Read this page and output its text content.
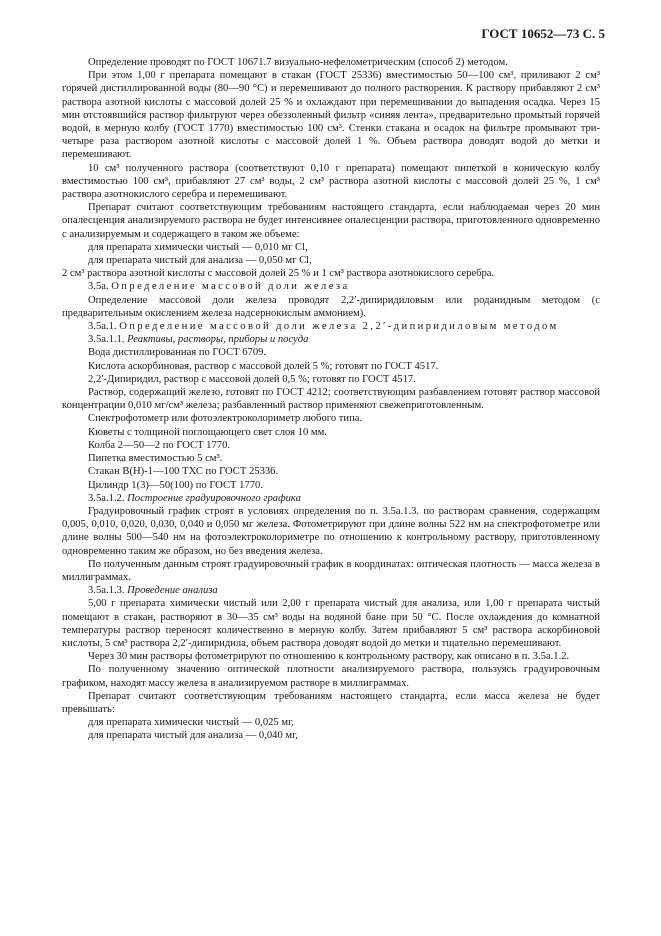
ГОСТ 10652—73 С. 5

Определение проводят по ГОСТ 10671.7 визуально-нефелометрическим (способ 2) методом.

При этом 1,00 г препарата помещают в стакан (ГОСТ 25336) вместимостью 50—100 см³, приливают 2 см³ горячей дистиллированной воды (80—90 °С) и перемешивают до полного растворения. К раствору прибавляют 2 см³ раствора азотной кислоты с массовой долей 25 % и охлаждают при перемешивании до выпадения осадка. Через 15 мин отстоявшийся раствор фильтруют через обеззоленный фильтр «синяя лента», предварительно промытый горячей водой, в мерную колбу (ГОСТ 1770) вместимостью 100 см³. Стенки стакана и осадок на фильтре промывают три-четыре раза раствором азотной кислоты с массовой долей 1 %. Объем раствора доводят водой до метки и перемешивают.

10 см³ полученного раствора (соответствуют 0,10 г препарата) помещают пипеткой в коническую колбу вместимостью 100 см³, прибавляют 27 см³ воды, 2 см³ раствора азотной кислоты с массовой долей 25 %, 1 см³ раствора азотнокислого серебра и перемешивают.

Препарат считают соответствующим требованиям настоящего стандарта, если наблюдаемая через 20 мин опалесценция анализируемого раствора не будет интенсивнее опалесценции раствора, приготовленного одновременно с анализируемым и содержащего в таком же объеме:

для препарата химически чистый — 0,010 мг Cl,

для препарата чистый для анализа — 0,050 мг Cl,

2 см³ раствора азотной кислоты с массовой долей 25 % и 1 см³ раствора азотнокислого серебра.

3.5а. Определение массовой доли железа

Определение массовой доли железа проводят 2,2′-дипиридиловым или роданидным методом (с предварительным окислением железа надсернокислым аммонием).

3.5а.1. Определение массовой доли железа 2,2′-дипиридиловым методом

3.5а.1.1. Реактивы, растворы, приборы и посуда

Вода дистиллированная по ГОСТ 6709.

Кислота аскорбиновая, раствор с массовой долей 5 %; готовят по ГОСТ 4517.

2,2′-Дипиридил, раствор с массовой долей 0,5 %; готовят по ГОСТ 4517.

Раствор, содержащий железо, готовят по ГОСТ 4212; соответствующим разбавлением готовят раствор массовой концентрации 0,010 мг/см³ железа; разбавленный раствор применяют свежеприготовленным.

Спектрофотометр или фотоэлектроколориметр любого типа.

Кюветы с толщиной поглощающего свет слоя 10 мм.

Колба 2—50—2 по ГОСТ 1770.

Пипетка вместимостью 5 см³.

Стакан В(Н)-1—100 ТХС по ГОСТ 25336.

Цилиндр 1(3)—50(100) по ГОСТ 1770.

3.5а.1.2. Построение градуировочного графика

Градуировочный график строят в условиях определения по п. 3.5а.1.3. по растворам сравнения, содержащим 0,005, 0,010, 0,020, 0,030, 0,040 и 0,050 мг железа. Фотометрируют при длине волны 522 нм на спектрофотометре или длине волны 500—540 нм на фотоэлектроколориметре по отношению к контрольному раствору, приготовленному одновременно таким же образом, но без введения железа.

По полученным данным строят градуировочный график в координатах: оптическая плотность — масса железа в миллиграммах.

3.5а.1.3. Проведение анализа

5,00 г препарата химически чистый или 2,00 г препарата чистый для анализа, или 1,00 г препарата чистый помещают в стакан, растворяют в 30—35 см³ воды на водяной бане при 50 °С. После охлаждения до комнатной температуры раствор переносят количественно в мерную колбу. Затем прибавляют 5 см³ раствора аскорбиновой кислоты, 5 см³ раствора 2,2′-дипиридила, объем раствора доводят водой до метки и тщательно перемешивают.

Через 30 мин растворы фотометрируют по отношению к контрольному раствору, как описано в п. 3.5а.1.2.

По полученному значению оптической плотности анализируемого раствора, пользуясь градуировочным графиком, находят массу железа в анализируемом растворе в миллиграммах.

Препарат считают соответствующим требованиям настоящего стандарта, если масса железа не будет превышать:

для препарата химически чистый — 0,025 мг,

для препарата чистый для анализа — 0,040 мг,
